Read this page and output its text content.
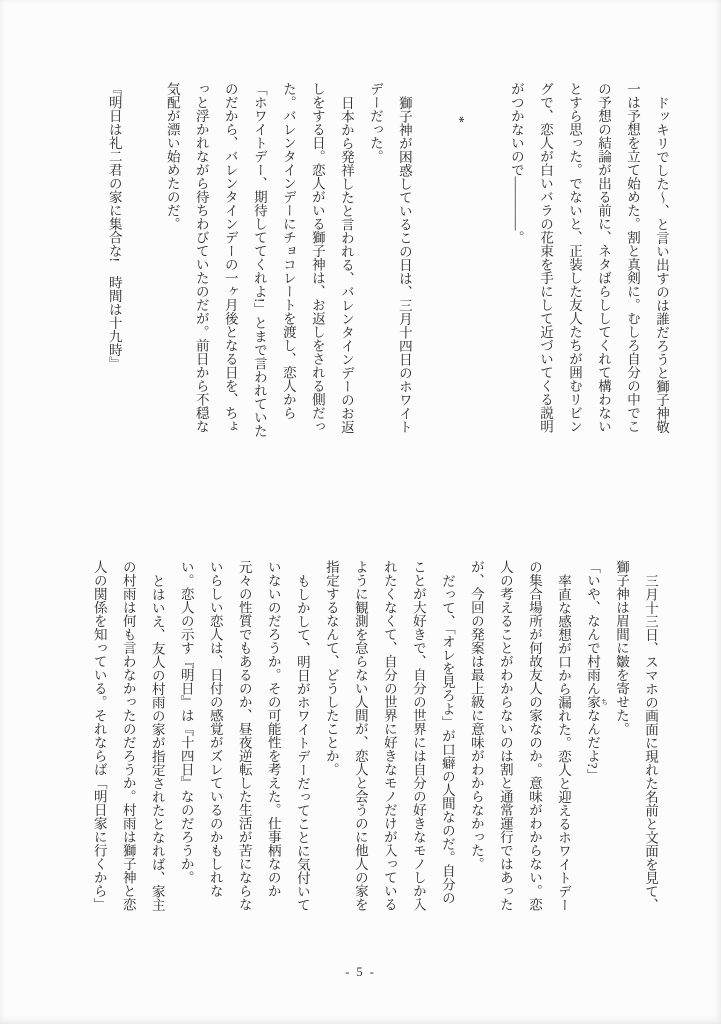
ドッキリでした〜、と言い出すのは誰だろうと獅子神敬一は予想を立て始めた。割と真剣に。むしろ自分の中でこの予想の結論が出る前に、ネタばらししてくれて構わないとすら思った。でないと、正装した友人たちが囲むリビングで、恋人が白いバラの花束を手にして近づいてくる説明がつかないので――――。

*

獅子神が困惑しているこの日は、三月十四日のホワイトデーだった。

日本から発祥したと言われる、バレンタインデーのお返しをする日。恋人がいる獅子神は、お返しをされる側だった。バレンタインデーにチョコレートを渡し、恋人から「ホワイトデー、期待しててくれよ!」とまで言われていたのだから、バレンタインデーの一ヶ月後となる日を、ちょっと浮かれながら待ちわびていたのだが。前日から不穏な気配が漂い始めたのだ。

『明日は礼二君の家に集合な!　時間は十九時』

三月十三日、スマホの画面に現れた名前と文面を見て、獅子神は眉間に皺を寄せた。

「いや、なんで村雨ん家 ちなんだよ?」

率直な感想が口から漏れた。恋人と迎えるホワイトデーの集合場所が何故友人の家なのか。意味がわからない。恋人の考えることがわからないのは割と通常運行ではあったが、今回の発案は最上級に意味がわからなかった。

だって、「オレを見ろよ」が口癖の人間なのだ。自分のことが大好きで、自分の世界には自分の好きなモノしか入れたくなくて、自分の世界に好きなモノだけが入っているように観測を怠らない人間が、恋人と会うのに他人の家を指定するなんて、どうしたことか。

もしかして、明日がホワイトデーだってことに気付いていないのだろうか。その可能性を考えた。仕事柄なのか元々の性質でもあるのか、昼夜逆転した生活が苦にならないらしい恋人は、日付の感覚がズレているのかもしれない。恋人の示す『明日』は『十四日』なのだろうか。

とはいえ、友人の村雨の家が指定されたとなれば、家主の村雨は何も言わなかったのだろうか。村雨は獅子神と恋人の関係を知っている。それならば「明日家に行くから」

- 5 -
